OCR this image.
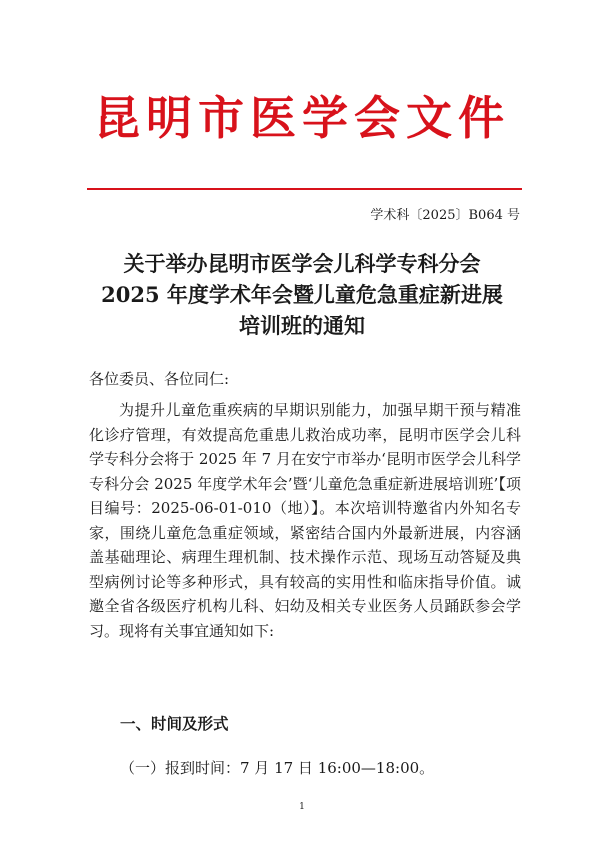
昆明市医学会文件
学术科〔2025〕B064 号
关于举办昆明市医学会儿科学专科分会
2025 年度学术年会暨儿童危急重症新进展
培训班的通知
各位委员、各位同仁:
为提升儿童危重疾病的早期识别能力，加强早期干预与精准化诊疗管理，有效提高危重患儿救治成功率，昆明市医学会儿科学专科分会将于 2025 年 7 月在安宁市举办‘昆明市医学会儿科学专科分会 2025 年度学术年会’暨‘儿童危急重症新进展培训班’【项目编号：2025-06-01-010（地）】。本次培训特邀省内外知名专家，围绕儿童危急重症领域，紧密结合国内外最新进展，内容涵盖基础理论、病理生理机制、技术操作示范、现场互动答疑及典型病例讨论等多种形式，具有较高的实用性和临床指导价值。诚邀全省各级医疗机构儿科、妇幼及相关专业医务人员踊跃参会学习。现将有关事宜通知如下:
一、时间及形式
（一）报到时间：7 月 17 日 16:00—18:00。
1
